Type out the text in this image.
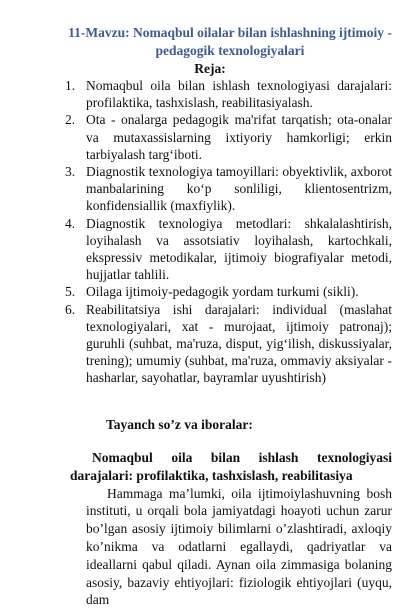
11-Mavzu: Nomaqbul oilalar bilan ishlashning ijtimoiy - pedagogik texnologiyalari
Reja:
1. Nomaqbul oila bilan ishlash texnologiyasi darajalari: profilaktika, tashxislash, reabilitasiyalash.
2. Ota - onalarga pedagogik ma'rifat tarqatish; ota-onalar va mutaxassislarning ixtiyoriy hamkorligi; erkin tarbiyalash targ‘iboti.
3. Diagnostik texnologiya tamoyillari: obyektivlik, axborot manbalarining ko‘p sonliligi, klientosentrizm, konfidensiallik (maxfiylik).
4. Diagnostik texnologiya metodlari: shkalalashtirish, loyihalash va assotsiativ loyihalash, kartochkali, ekspressiv metodikalar, ijtimoiy biografiyalar metodi, hujjatlar tahlili.
5. Oilaga ijtimoiy-pedagogik yordam turkumi (sikli).
6. Reabilitatsiya ishi darajalari: individual (maslahat texnologiyalari, xat - murojaat, ijtimoiy patronaj); guruhli (suhbat, ma'ruza, disput, yig‘ilish, diskussiyalar, trening); umumiy (suhbat, ma'ruza, ommaviy aksiyalar - hasharlar, sayohatlar, bayramlar uyushtirish)
Tayanch so’z va iboralar:

Nomaqbul oila bilan ishlash texnologiyasi darajalari: profilaktika, tashxislash, reabilitasiya

Hammaga ma’lumki, oila ijtimoiylashuvning bosh instituti, u orqali bola jamiyatdagi hoayoti uchun zarur bo’lgan asosiy ijtimoiy bilimlarni o’zlashtiradi, axloqiy ko’nikma va odatlarni egallaydi, qadriyatlar va ideallarni qabul qiladi. Aynan oila zimmasiga bolaning asosiy, bazaviy ehtiyojlari: fiziologik ehtiyojlari (uyqu, dam
